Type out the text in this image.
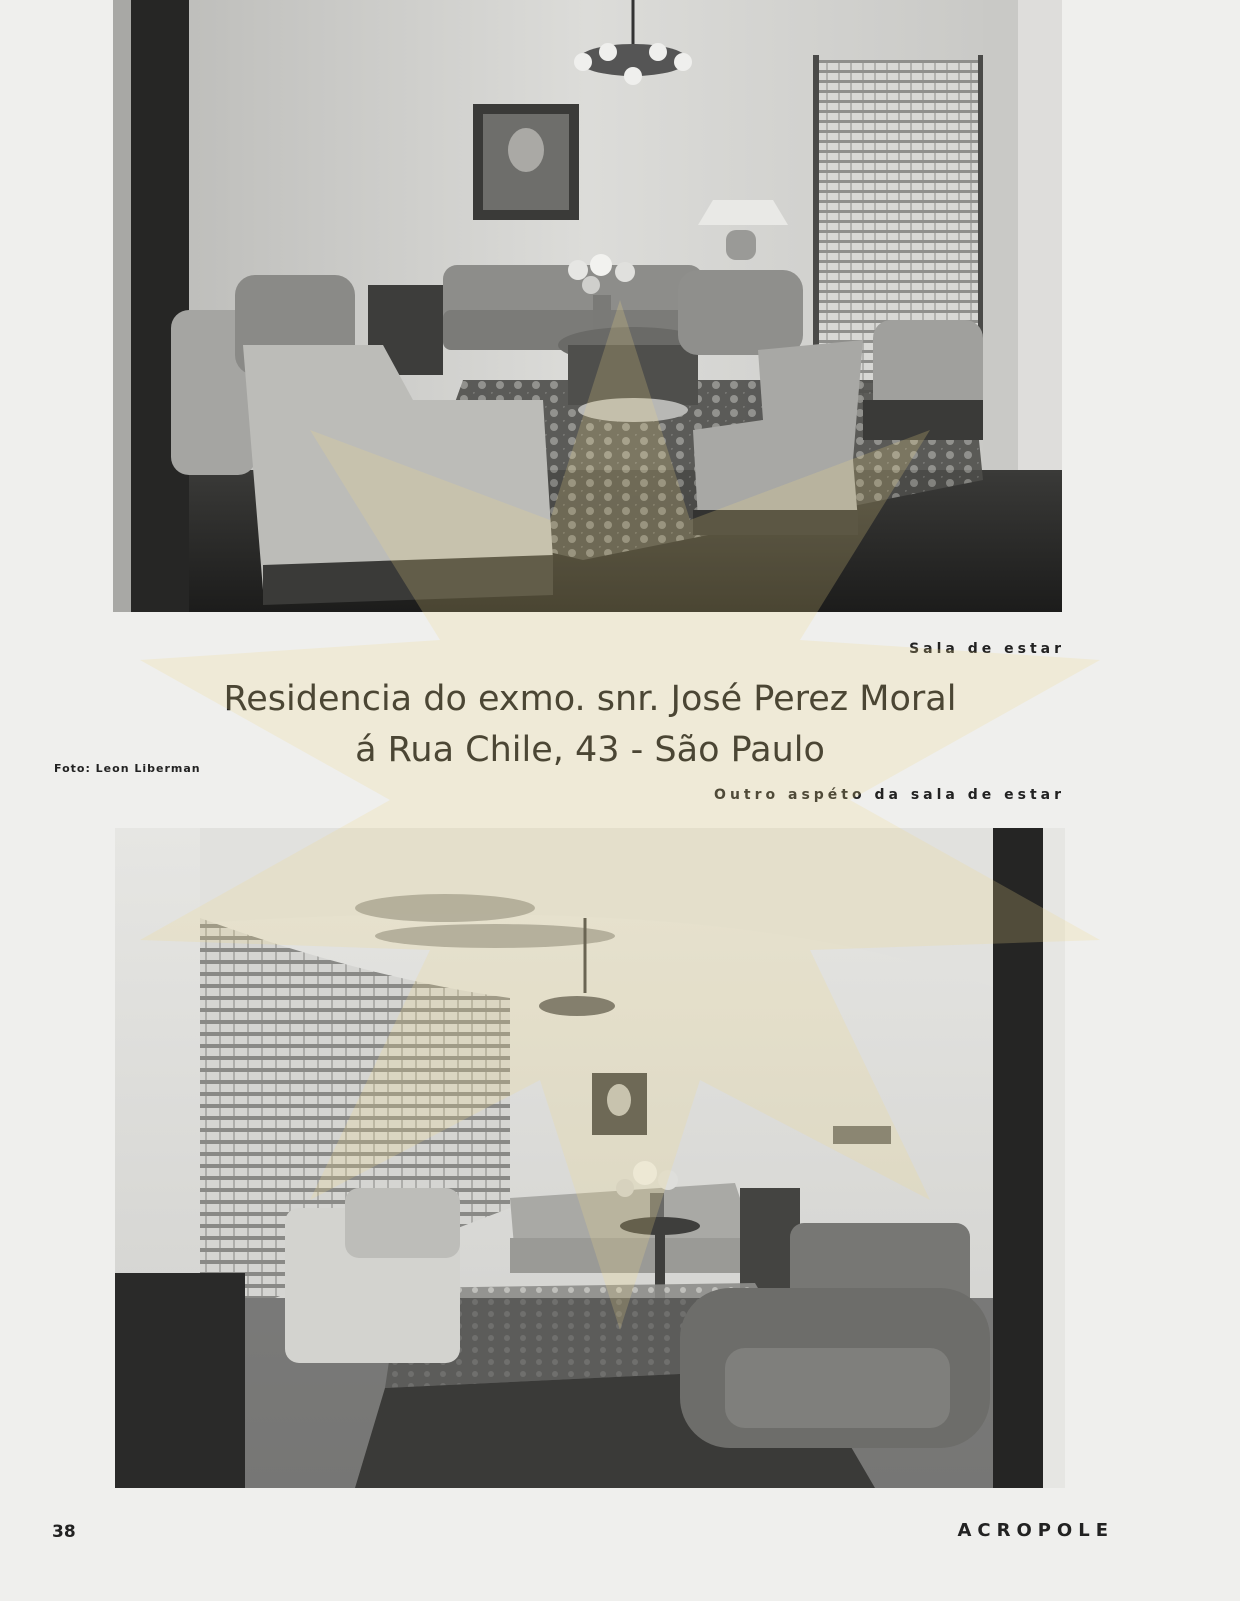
Sala de estar
Residencia do exmo. snr. José Perez Moral
á Rua Chile, 43 - São Paulo
Foto: Leon Liberman
Outro aspéto da sala de estar
38	ACROPOLE
